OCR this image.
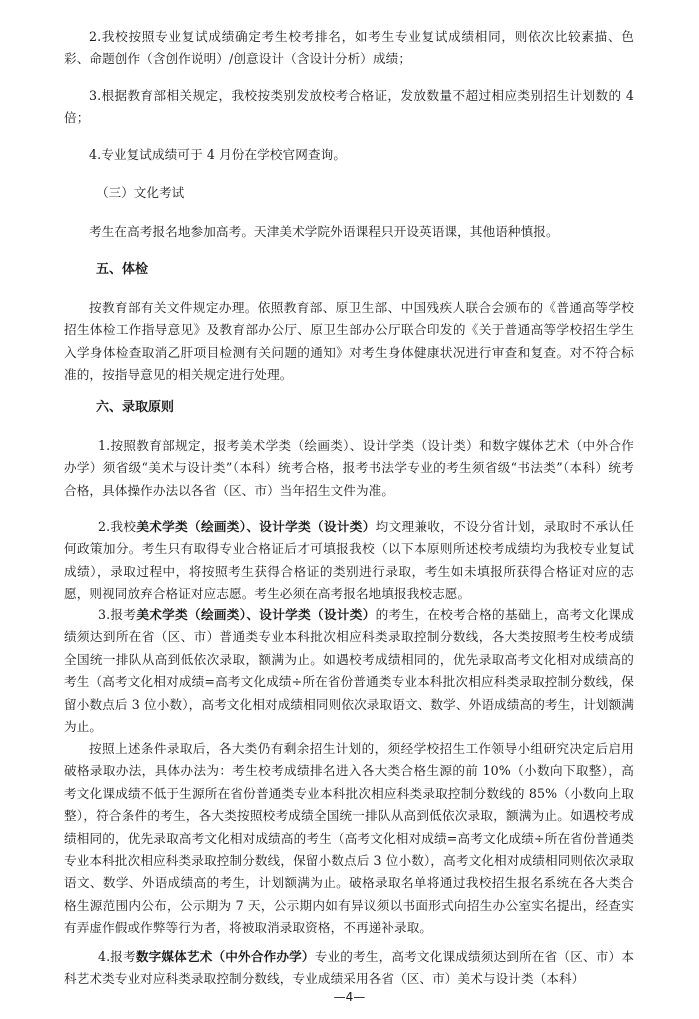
2.我校按照专业复试成绩确定考生校考排名，如考生专业复试成绩相同，则依次比较素描、色彩、命题创作（含创作说明）/创意设计（含设计分析）成绩；

3.根据教育部相关规定，我校按类别发放校考合格证，发放数量不超过相应类别招生计划数的 4 倍；

4.专业复试成绩可于 4 月份在学校官网查询。

（三）文化考试

考生在高考报名地参加高考。天津美术学院外语课程只开设英语课，其他语种慎报。

五、体检

按教育部有关文件规定办理。依照教育部、原卫生部、中国残疾人联合会颁布的《普通高等学校招生体检工作指导意见》及教育部办公厅、原卫生部办公厅联合印发的《关于普通高等学校招生学生入学身体检查取消乙肝项目检测有关问题的通知》对考生身体健康状况进行审查和复查。对不符合标准的，按指导意见的相关规定进行处理。

六、录取原则

1.按照教育部规定，报考美术学类（绘画类）、设计学类（设计类）和数字媒体艺术（中外合作办学）须省级“美术与设计类”（本科）统考合格，报考书法学专业的考生须省级“书法类”（本科）统考合格，具体操作办法以各省（区、市）当年招生文件为准。

2.我校美术学类（绘画类）、设计学类（设计类）均文理兼收，不设分省计划，录取时不承认任何政策加分。考生只有取得专业合格证后才可填报我校（以下本原则所述校考成绩均为我校专业复试成绩），录取过程中，将按照考生获得合格证的类别进行录取，考生如未填报所获得合格证对应的志愿，则视同放弃合格证对应志愿。考生必须在高考报名地填报我校志愿。

3.报考美术学类（绘画类）、设计学类（设计类）的考生，在校考合格的基础上，高考文化课成绩须达到所在省（区、市）普通类专业本科批次相应科类录取控制分数线，各大类按照考生校考成绩全国统一排队从高到低依次录取，额满为止。如遇校考成绩相同的，优先录取高考文化相对成绩高的考生（高考文化相对成绩=高考文化成绩÷所在省份普通类专业本科批次相应科类录取控制分数线，保留小数点后 3 位小数），高考文化相对成绩相同则依次录取语文、数学、外语成绩高的考生，计划额满为止。

按照上述条件录取后，各大类仍有剩余招生计划的，须经学校招生工作领导小组研究决定后启用破格录取办法，具体办法为：考生校考成绩排名进入各大类合格生源的前 10%（小数向下取整），高考文化课成绩不低于生源所在省份普通类专业本科批次相应科类录取控制分数线的 85%（小数向上取整），符合条件的考生，各大类按照校考成绩全国统一排队从高到低依次录取，额满为止。如遇校考成绩相同的，优先录取高考文化相对成绩高的考生（高考文化相对成绩=高考文化成绩÷所在省份普通类专业本科批次相应科类录取控制分数线，保留小数点后 3 位小数），高考文化相对成绩相同则依次录取语文、数学、外语成绩高的考生，计划额满为止。破格录取名单将通过我校招生报名系统在各大类合格生源范围内公布，公示期为 7 天，公示期内如有异议须以书面形式向招生办公室实名提出，经查实有弄虚作假或作弊等行为者，将被取消录取资格，不再递补录取。

4.报考数字媒体艺术（中外合作办学）专业的考生，高考文化课成绩须达到所在省（区、市）本科艺术类专业对应科类录取控制分数线，专业成绩采用各省（区、市）美术与设计类（本科）

—4—
